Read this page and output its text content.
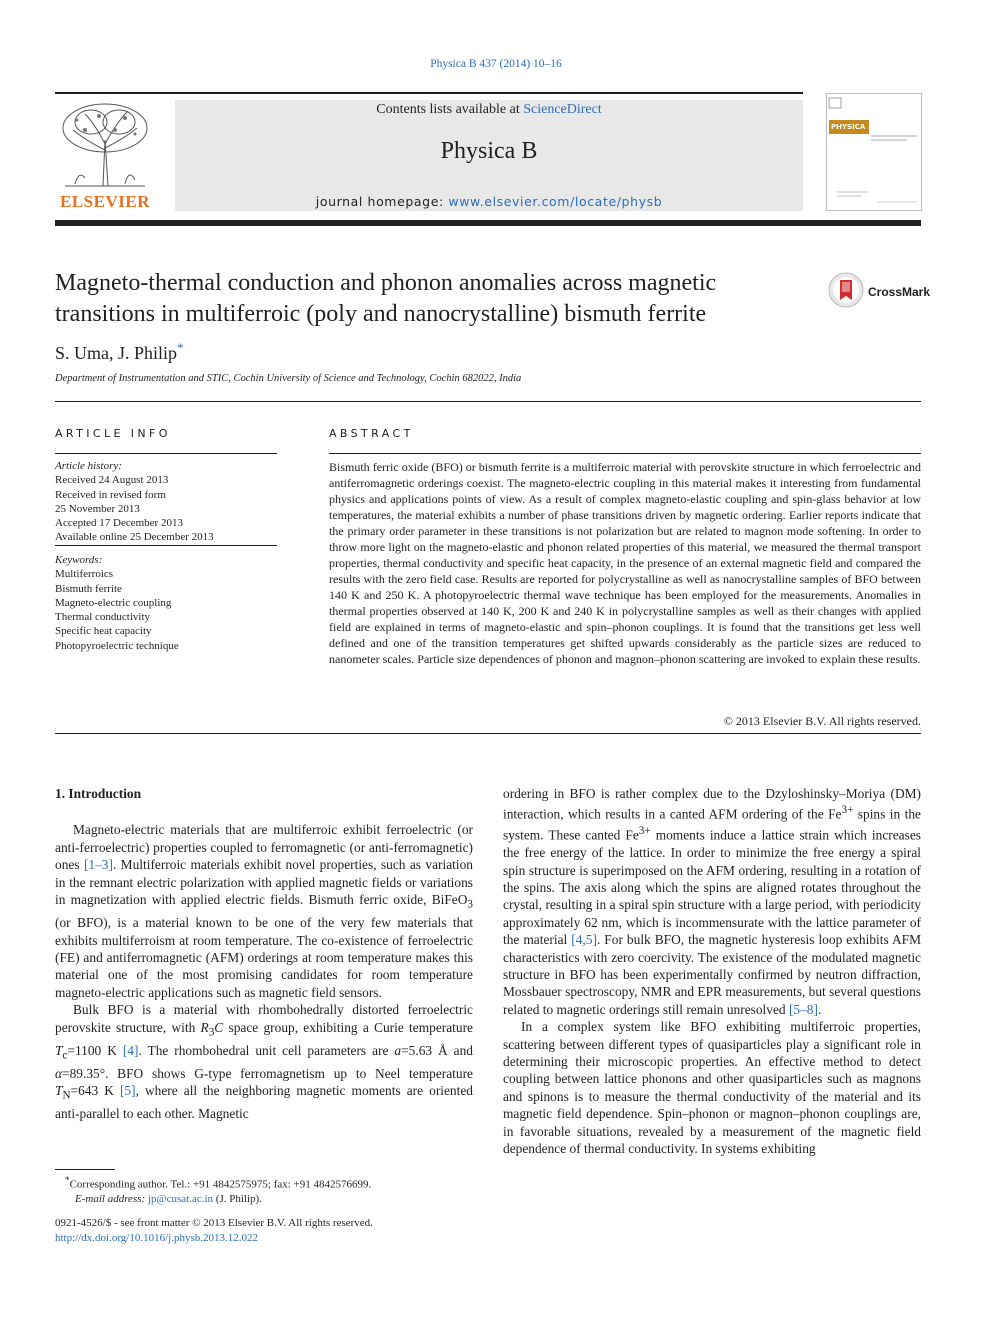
Physica B 437 (2014) 10–16
ELSEVIER
Contents lists available at ScienceDirect
Physica B
journal homepage: www.elsevier.com/locate/physb
PHYSICA
Magneto-thermal conduction and phonon anomalies across magnetic transitions in multiferroic (poly and nanocrystalline) bismuth ferrite
CrossMark
S. Uma, J. Philip*
Department of Instrumentation and STIC, Cochin University of Science and Technology, Cochin 682022, India
ARTICLE INFO	ABSTRACT
Article history:
Received 24 August 2013
Received in revised form
25 November 2013
Accepted 17 December 2013
Available online 25 December 2013
Keywords:
Multiferroics
Bismuth ferrite
Magneto-electric coupling
Thermal conductivity
Specific heat capacity
Photopyroelectric technique
Bismuth ferric oxide (BFO) or bismuth ferrite is a multiferroic material with perovskite structure in which ferroelectric and antiferromagnetic orderings coexist. The magneto-electric coupling in this material makes it interesting from fundamental physics and applications points of view. As a result of complex magneto-elastic coupling and spin-glass behavior at low temperatures, the material exhibits a number of phase transitions driven by magnetic ordering. Earlier reports indicate that the primary order parameter in these transitions is not polarization but are related to magnon mode softening. In order to throw more light on the magneto-elastic and phonon related properties of this material, we measured the thermal transport properties, thermal conductivity and specific heat capacity, in the presence of an external magnetic field and compared the results with the zero field case. Results are reported for polycrystalline as well as nanocrystalline samples of BFO between 140 K and 250 K. A photopyroelectric thermal wave technique has been employed for the measurements. Anomalies in thermal properties observed at 140 K, 200 K and 240 K in polycrystalline samples as well as their changes with applied field are explained in terms of magneto-elastic and spin–phonon couplings. It is found that the transitions get less well defined and one of the transition temperatures get shifted upwards considerably as the particle sizes are reduced to nanometer scales. Particle size dependences of phonon and magnon–phonon scattering are invoked to explain these results.
© 2013 Elsevier B.V. All rights reserved.
1. Introduction

Magneto-electric materials that are multiferroic exhibit ferroelectric (or anti-ferroelectric) properties coupled to ferromagnetic (or anti-ferromagnetic) ones [1–3]. Multiferroic materials exhibit novel properties, such as variation in the remnant electric polarization with applied magnetic fields or variations in magnetization with applied electric fields. Bismuth ferric oxide, BiFeO$_3$ (or BFO), is a material known to be one of the very few materials that exhibits multiferroism at room temperature. The co-existence of ferroelectric (FE) and antiferromagnetic (AFM) orderings at room temperature makes this material one of the most promising candidates for room temperature magneto-electric applications such as magnetic field sensors.

Bulk BFO is a material with rhombohedrally distorted ferroelectric perovskite structure, with $R_3C$ space group, exhibiting a Curie temperature $T_c=1100$ K [4]. The rhombohedral unit cell parameters are a=5.63 Å and α=89.35°. BFO shows G-type ferromagnetism up to Neel temperature $T_N=643$ K [5], where all the neighboring magnetic moments are oriented anti-parallel to each other. Magnetic

ordering in BFO is rather complex due to the Dzyloshinsky–Moriya (DM) interaction, which results in a canted AFM ordering of the $Fe^{3+}$ spins in the system. These canted $Fe^{3+}$ moments induce a lattice strain which increases the free energy of the lattice. In order to minimize the free energy a spiral spin structure is superimposed on the AFM ordering, resulting in a rotation of the spins. The axis along which the spins are aligned rotates throughout the crystal, resulting in a spiral spin structure with a large period, with periodicity approximately 62 nm, which is incommensurate with the lattice parameter of the material [4,5]. For bulk BFO, the magnetic hysteresis loop exhibits AFM characteristics with zero coercivity. The existence of the modulated magnetic structure in BFO has been experimentally confirmed by neutron diffraction, Mossbauer spectroscopy, NMR and EPR measurements, but several questions related to magnetic orderings still remain unresolved [5–8].

In a complex system like BFO exhibiting multiferroic properties, scattering between different types of quasiparticles play a significant role in determining their microscopic properties. An effective method to detect coupling between lattice phonons and other quasiparticles such as magnons and spinons is to measure the thermal conductivity of the material and its magnetic field dependence. Spin–phonon or magnon–phonon couplings are, in favorable situations, revealed by a measurement of the magnetic field dependence of thermal conductivity. In systems exhibiting

*Corresponding author. Tel.: +91 4842575975; fax: +91 4842576699.
E-mail address: jp@cusat.ac.in (J. Philip).
0921-4526/$ - see front matter © 2013 Elsevier B.V. All rights reserved.
http://dx.doi.org/10.1016/j.physb.2013.12.022
